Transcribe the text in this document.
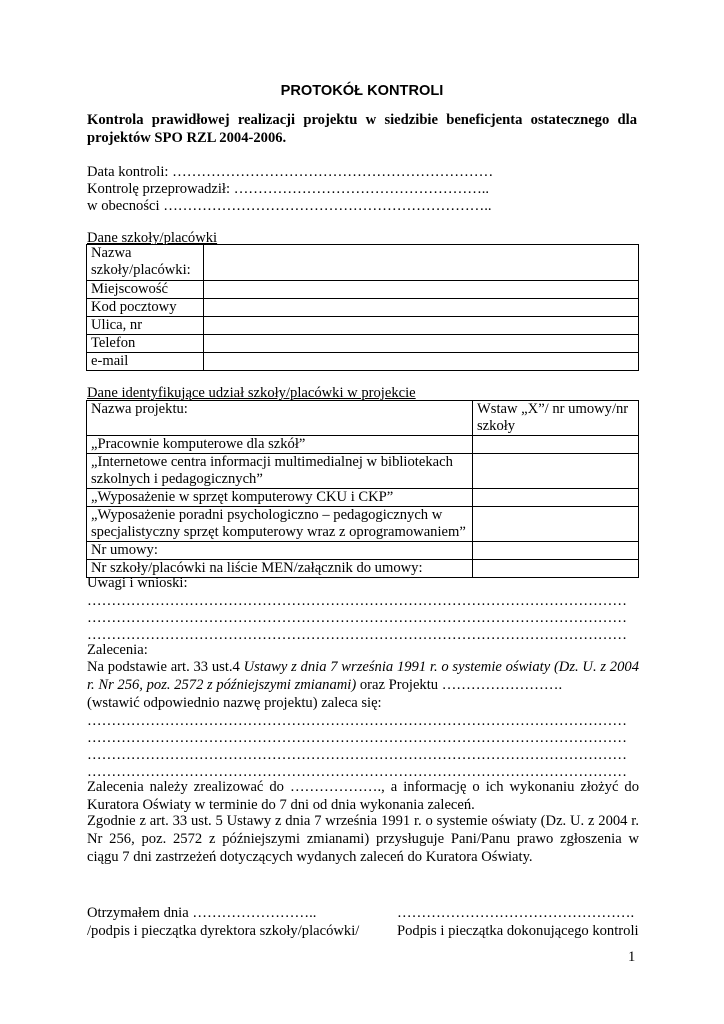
PROTOKÓŁ KONTROLI
Kontrola prawidłowej realizacji projektu w siedzibie beneficjenta ostatecznego dla projektów SPO RZL 2004-2006.
Data kontroli: …………………………………………………………
Kontrolę przeprowadził: ……………………………………………..
w obecności …………………………………………………………..
Dane szkoły/placówki
Nazwa szkoły/placówki:	
Miejscowość	
Kod pocztowy	
Ulica, nr	
Telefon	
e-mail	
Dane identyfikujące udział szkoły/placówki w projekcie
Nazwa projektu:	Wstaw „X”/ nr umowy/nr szkoły
„Pracownie komputerowe dla szkół”	
„Internetowe centra informacji multimedialnej w bibliotekach szkolnych i pedagogicznych”	
„Wyposażenie w sprzęt komputerowy CKU i CKP”	
„Wyposażenie poradni psychologiczno – pedagogicznych w specjalistyczny sprzęt komputerowy wraz z oprogramowaniem”	
Nr umowy:	
Nr szkoły/placówki na liście MEN/załącznik do umowy:	
Uwagi i wnioski:
…………………………………………………………………………………………………
…………………………………………………………………………………………………
…………………………………………………………………………………………………
Zalecenia:
Na podstawie art. 33 ust.4 Ustawy z dnia 7 września 1991 r. o systemie oświaty (Dz. U. z 2004 r. Nr 256, poz. 2572 z późniejszymi zmianami) oraz Projektu …………………….
(wstawić odpowiednio nazwę projektu) zaleca się:
…………………………………………………………………………………………………
…………………………………………………………………………………………………
…………………………………………………………………………………………………
…………………………………………………………………………………………………
Zalecenia należy zrealizować do ………………., a informację o ich wykonaniu złożyć do Kuratora Oświaty w terminie do 7 dni od dnia wykonania zaleceń.
Zgodnie z art. 33 ust. 5 Ustawy z dnia 7 września 1991 r. o systemie oświaty (Dz. U. z 2004 r. Nr 256, poz. 2572 z późniejszymi zmianami) przysługuje Pani/Panu prawo zgłoszenia w ciągu 7 dni zastrzeżeń dotyczących wydanych zaleceń do Kuratora Oświaty.
Otrzymałem dnia ……………………..	………………………………………….
/podpis i pieczątka dyrektora szkoły/placówki/	Podpis i pieczątka dokonującego kontroli
1
